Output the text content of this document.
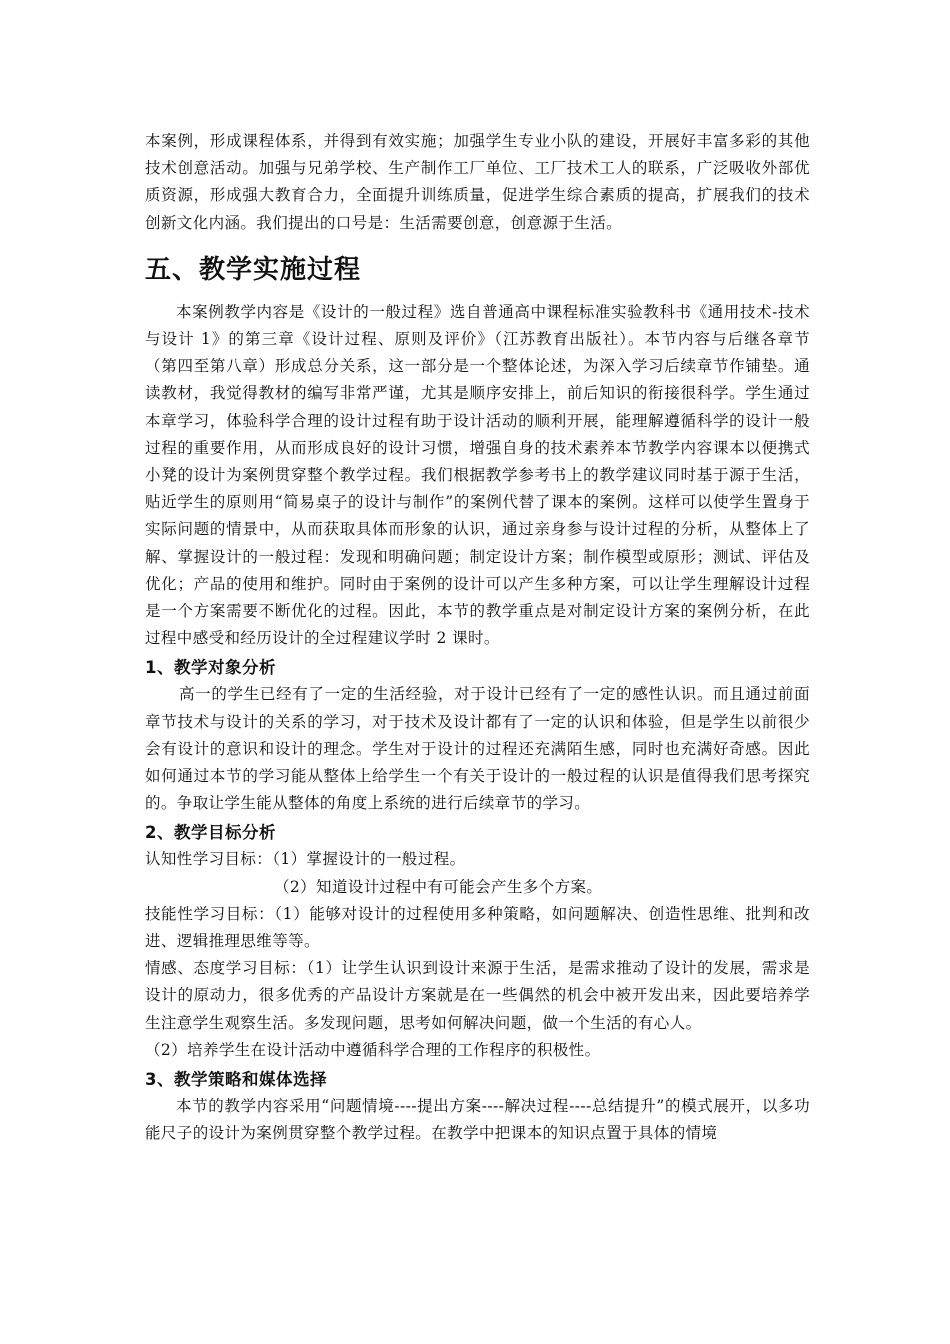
本案例，形成课程体系，并得到有效实施；加强学生专业小队的建设，开展好丰富多彩的其他技术创意活动。加强与兄弟学校、生产制作工厂单位、工厂技术工人的联系，广泛吸收外部优质资源，形成强大教育合力，全面提升训练质量，促进学生综合素质的提高，扩展我们的技术创新文化内涵。我们提出的口号是：生活需要创意，创意源于生活。

五、教学实施过程

本案例教学内容是《设计的一般过程》选自普通高中课程标准实验教科书《通用技术-技术与设计 1》的第三章《设计过程、原则及评价》（江苏教育出版社）。本节内容与后继各章节（第四至第八章）形成总分关系，这一部分是一个整体论述，为深入学习后续章节作铺垫。通读教材，我觉得教材的编写非常严谨，尤其是顺序安排上，前后知识的衔接很科学。学生通过本章学习，体验科学合理的设计过程有助于设计活动的顺利开展，能理解遵循科学的设计一般过程的重要作用，从而形成良好的设计习惯，增强自身的技术素养本节教学内容课本以便携式小凳的设计为案例贯穿整个教学过程。我们根据教学参考书上的教学建议同时基于源于生活，贴近学生的原则用“简易桌子的设计与制作”的案例代替了课本的案例。这样可以使学生置身于实际问题的情景中，从而获取具体而形象的认识，通过亲身参与设计过程的分析，从整体上了解、掌握设计的一般过程：发现和明确问题；制定设计方案；制作模型或原形；测试、评估及优化；产品的使用和维护。同时由于案例的设计可以产生多种方案，可以让学生理解设计过程是一个方案需要不断优化的过程。因此，本节的教学重点是对制定设计方案的案例分析，在此过程中感受和经历设计的全过程建议学时 2 课时。

1、教学对象分析

高一的学生已经有了一定的生活经验，对于设计已经有了一定的感性认识。而且通过前面章节技术与设计的关系的学习，对于技术及设计都有了一定的认识和体验，但是学生以前很少会有设计的意识和设计的理念。学生对于设计的过程还充满陌生感，同时也充满好奇感。因此如何通过本节的学习能从整体上给学生一个有关于设计的一般过程的认识是值得我们思考探究的。争取让学生能从整体的角度上系统的进行后续章节的学习。

2、教学目标分析

认知性学习目标：（1）掌握设计的一般过程。

（2）知道设计过程中有可能会产生多个方案。

技能性学习目标：（1）能够对设计的过程使用多种策略，如问题解决、创造性思维、批判和改进、逻辑推理思维等等。

情感、态度学习目标：（1）让学生认识到设计来源于生活，是需求推动了设计的发展，需求是设计的原动力，很多优秀的产品设计方案就是在一些偶然的机会中被开发出来，因此要培养学生注意学生观察生活。多发现问题，思考如何解决问题，做一个生活的有心人。

（2）培养学生在设计活动中遵循科学合理的工作程序的积极性。

3、教学策略和媒体选择

本节的教学内容采用“问题情境----提出方案----解决过程----总结提升”的模式展开，以多功能尺子的设计为案例贯穿整个教学过程。在教学中把课本的知识点置于具体的情境
